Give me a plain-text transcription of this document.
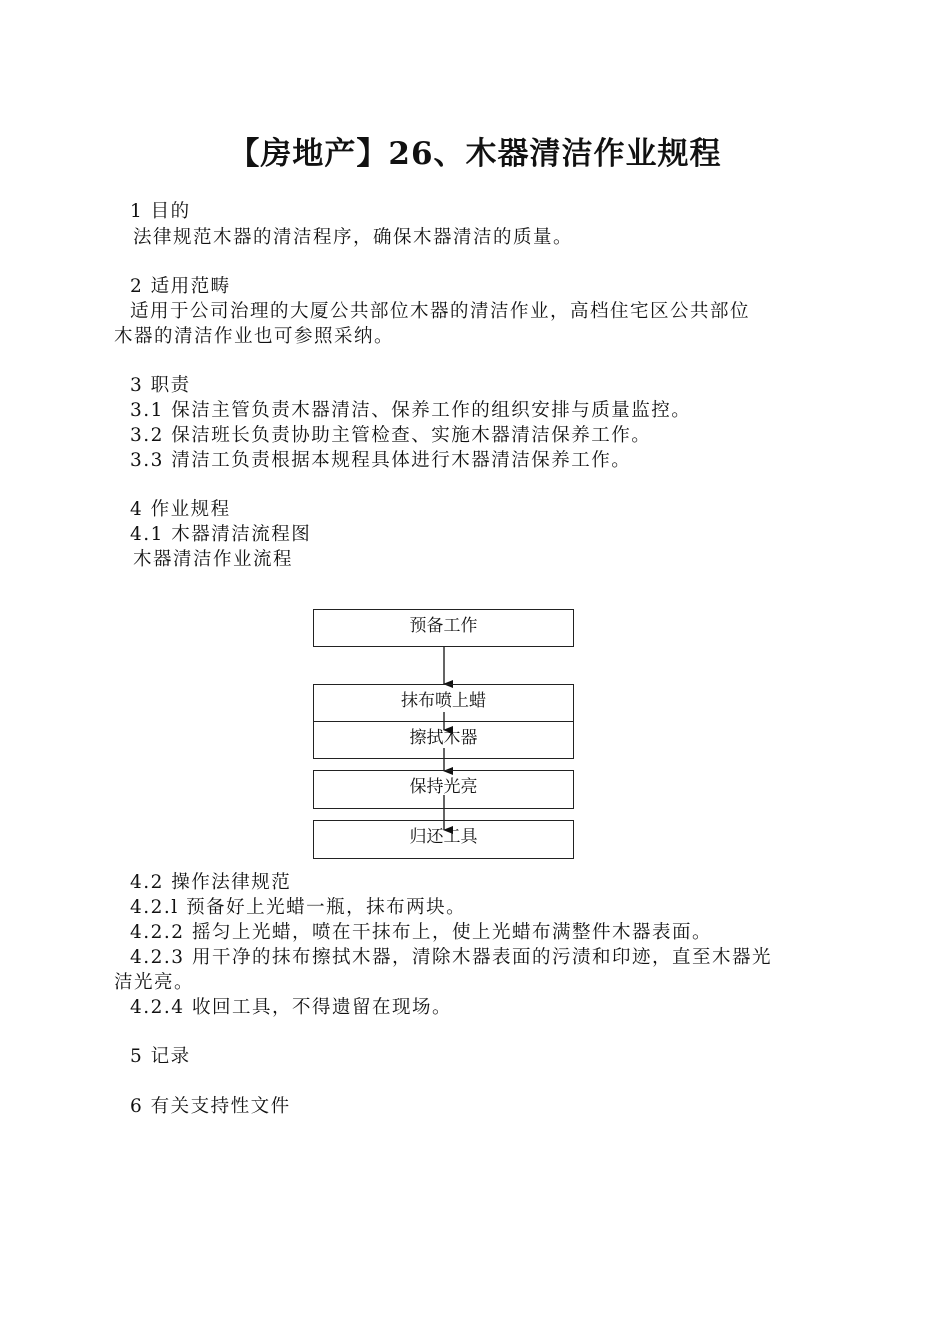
【房地产】26、木器清洁作业规程
1 目的
法律规范木器的清洁程序，确保木器清洁的质量。
2 适用范畴
适用于公司治理的大厦公共部位木器的清洁作业，高档住宅区公共部位
木器的清洁作业也可参照采纳。
3 职责
3.1 保洁主管负责木器清洁、保养工作的组织安排与质量监控。
3.2 保洁班长负责协助主管检查、实施木器清洁保养工作。
3.3 清洁工负责根据本规程具体进行木器清洁保养工作。
4 作业规程
4.1 木器清洁流程图
木器清洁作业流程
预备工作
抹布喷上蜡
擦拭木器
保持光亮
归还工具
4.2 操作法律规范
4.2.l 预备好上光蜡一瓶，抹布两块。
4.2.2 摇匀上光蜡，喷在干抹布上，使上光蜡布满整件木器表面。
4.2.3 用干净的抹布擦拭木器，清除木器表面的污渍和印迹，直至木器光
洁光亮。
4.2.4 收回工具，不得遗留在现场。
5 记录
6 有关支持性文件
